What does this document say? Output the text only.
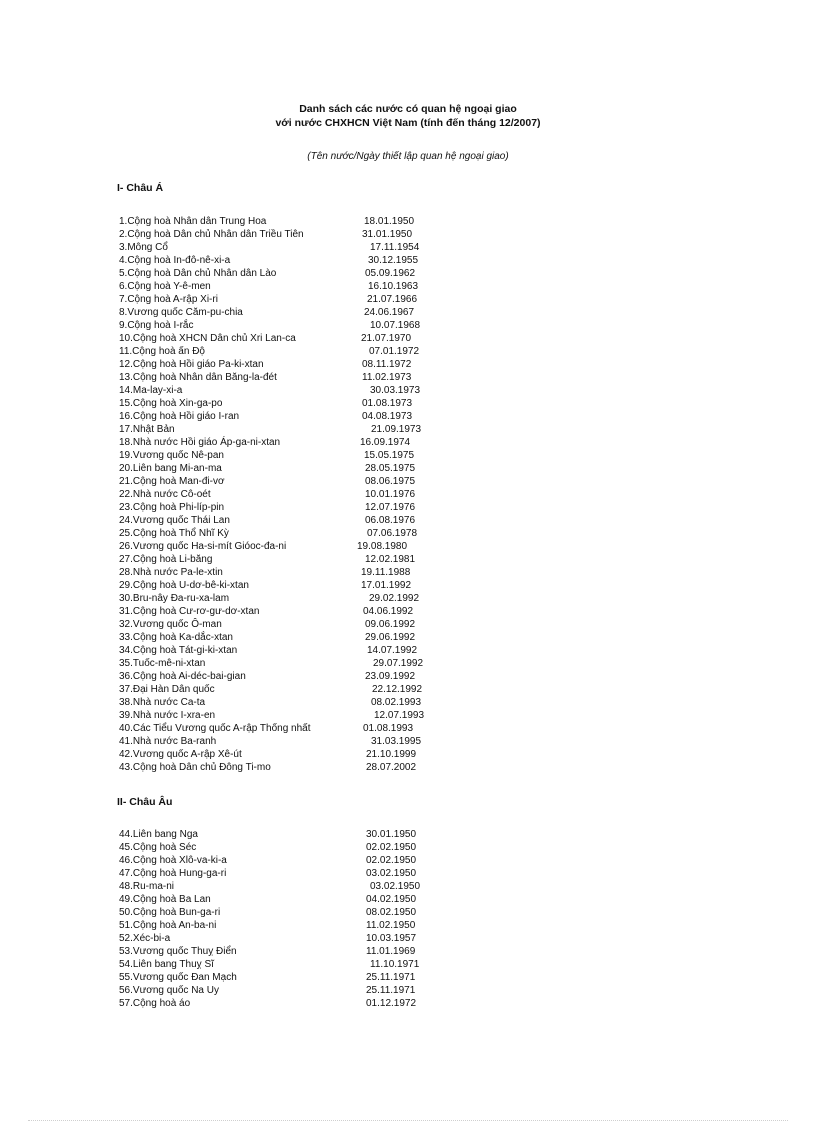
Danh sách các nước có quan hệ ngoại giao
với nước CHXHCN Việt Nam (tính đến tháng 12/2007)
(Tên nước/Ngày thiết lập quan hệ ngoại giao)
I- Châu Á
1.Cộng hoà Nhân dân Trung Hoa	18.01.1950
2.Cộng hoà Dân chủ Nhân dân Triều Tiên	31.01.1950
3.Mông Cổ	17.11.1954
4.Cộng hoà In-đô-nê-xi-a	30.12.1955
5.Cộng hoà Dân chủ Nhân dân Lào	05.09.1962
6.Cộng hoà Y-ê-men	16.10.1963
7.Cộng hoà A-rập Xi-ri	21.07.1966
8.Vương quốc Căm-pu-chia	24.06.1967
9.Cộng hoà I-rắc	10.07.1968
10.Cộng hoà XHCN Dân chủ Xri Lan-ca	21.07.1970
11.Cộng hoà ấn Độ	07.01.1972
12.Cộng hoà Hồi giáo Pa-ki-xtan	08.11.1972
13.Cộng hoà Nhân dân Băng-la-đét	11.02.1973
14.Ma-lay-xi-a	30.03.1973
15.Cộng hoà Xin-ga-po	01.08.1973
16.Cộng hoà Hồi giáo I-ran	04.08.1973
17.Nhật Bản	21.09.1973
18.Nhà nước Hồi giáo Áp-ga-ni-xtan	16.09.1974
19.Vương quốc Nê-pan	15.05.1975
20.Liên bang Mi-an-ma	28.05.1975
21.Cộng hoà Man-đi-vơ	08.06.1975
22.Nhà nước Cô-oét	10.01.1976
23.Cộng hoà Phi-líp-pin	12.07.1976
24.Vương quốc Thái Lan	06.08.1976
25.Cộng hoà Thổ Nhĩ Kỳ	07.06.1978
26.Vương quốc Ha-si-mít Gióoc-đa-ni	19.08.1980
27.Cộng hoà Li-băng	12.02.1981
28.Nhà nước Pa-le-xtin	19.11.1988
29.Cộng hoà U-dơ-bê-ki-xtan	17.01.1992
30.Bru-nây Đa-ru-xa-lam	29.02.1992
31.Cộng hoà Cư-rơ-gư-dơ-xtan	04.06.1992
32.Vương quốc Ô-man	09.06.1992
33.Cộng hoà Ka-dắc-xtan	29.06.1992
34.Cộng hoà Tát-gi-ki-xtan	14.07.1992
35.Tuốc-mê-ni-xtan	29.07.1992
36.Cộng hoà Ai-déc-bai-gian	23.09.1992
37.Đại Hàn Dân quốc	22.12.1992
38.Nhà nước Ca-ta	08.02.1993
39.Nhà nước I-xra-en	12.07.1993
40.Các Tiểu Vương quốc A-rập Thống nhất	01.08.1993
41.Nhà nước Ba-ranh	31.03.1995
42.Vương quốc A-rập Xê-út	21.10.1999
43.Cộng hoà Dân chủ Đông Ti-mo	28.07.2002
II- Châu Âu
44.Liên bang Nga	30.01.1950
45.Cộng hoà Séc	02.02.1950
46.Cộng hoà Xlô-va-ki-a	02.02.1950
47.Cộng hoà Hung-ga-ri	03.02.1950
48.Ru-ma-ni	03.02.1950
49.Cộng hoà Ba Lan	04.02.1950
50.Cộng hoà Bun-ga-ri	08.02.1950
51.Cộng hoà An-ba-ni	11.02.1950
52.Xéc-bi-a	10.03.1957
53.Vương quốc Thuỵ Điển	11.01.1969
54.Liên bang Thuỵ Sĩ	11.10.1971
55.Vương quốc Đan Mạch	25.11.1971
56.Vương quốc Na Uy	25.11.1971
57.Cộng hoà áo	01.12.1972
